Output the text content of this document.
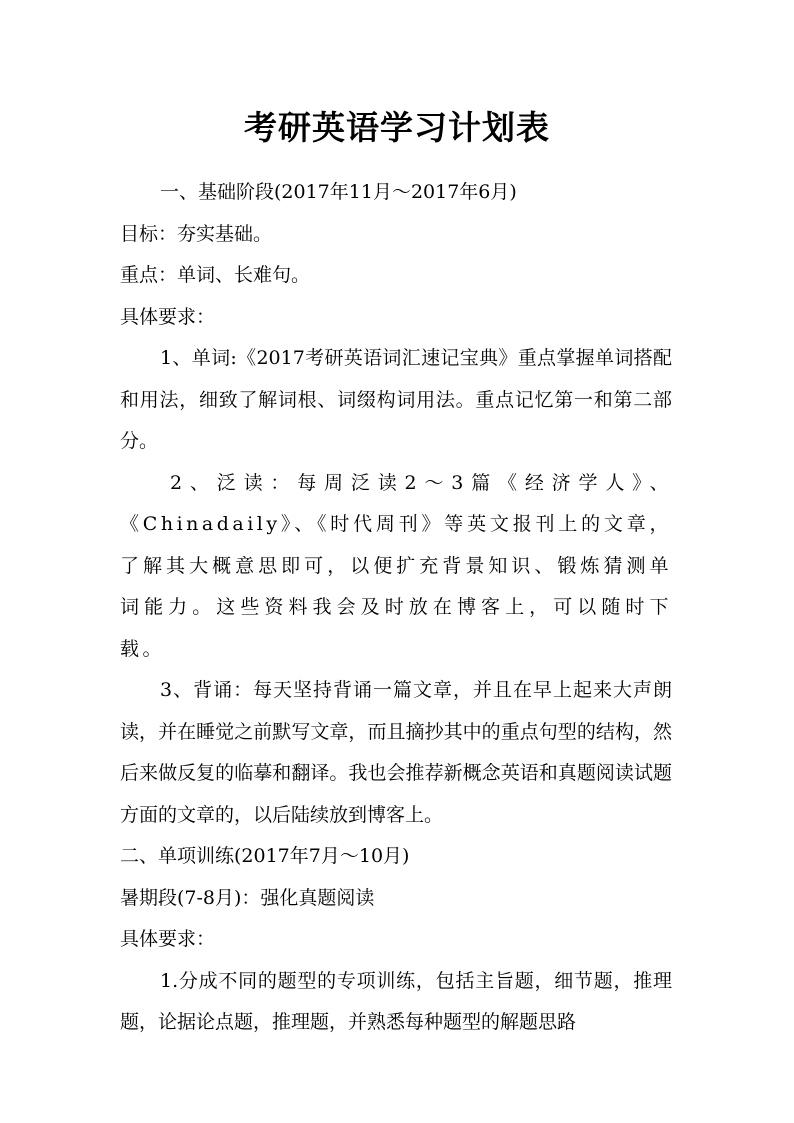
考研英语学习计划表

一、基础阶段(2017年11月～2017年6月)

目标：夯实基础。

重点：单词、长难句。

具体要求：

1、单词:《2017考研英语词汇速记宝典》重点掌握单词搭配和用法，细致了解词根、词缀构词用法。重点记忆第一和第二部分。

2、泛读：每周泛读2～3篇《经济学人》、《Chinadaily》、《时代周刊》等英文报刊上的文章，了解其大概意思即可，以便扩充背景知识、锻炼猜测单词能力。这些资料我会及时放在博客上，可以随时下载。

3、背诵：每天坚持背诵一篇文章，并且在早上起来大声朗读，并在睡觉之前默写文章，而且摘抄其中的重点句型的结构，然后来做反复的临摹和翻译。我也会推荐新概念英语和真题阅读试题方面的文章的，以后陆续放到博客上。

二、单项训练(2017年7月～10月)

暑期段(7-8月)：强化真题阅读

具体要求：

1.分成不同的题型的专项训练，包括主旨题，细节题，推理题，论据论点题，推理题，并熟悉每种题型的解题思路
